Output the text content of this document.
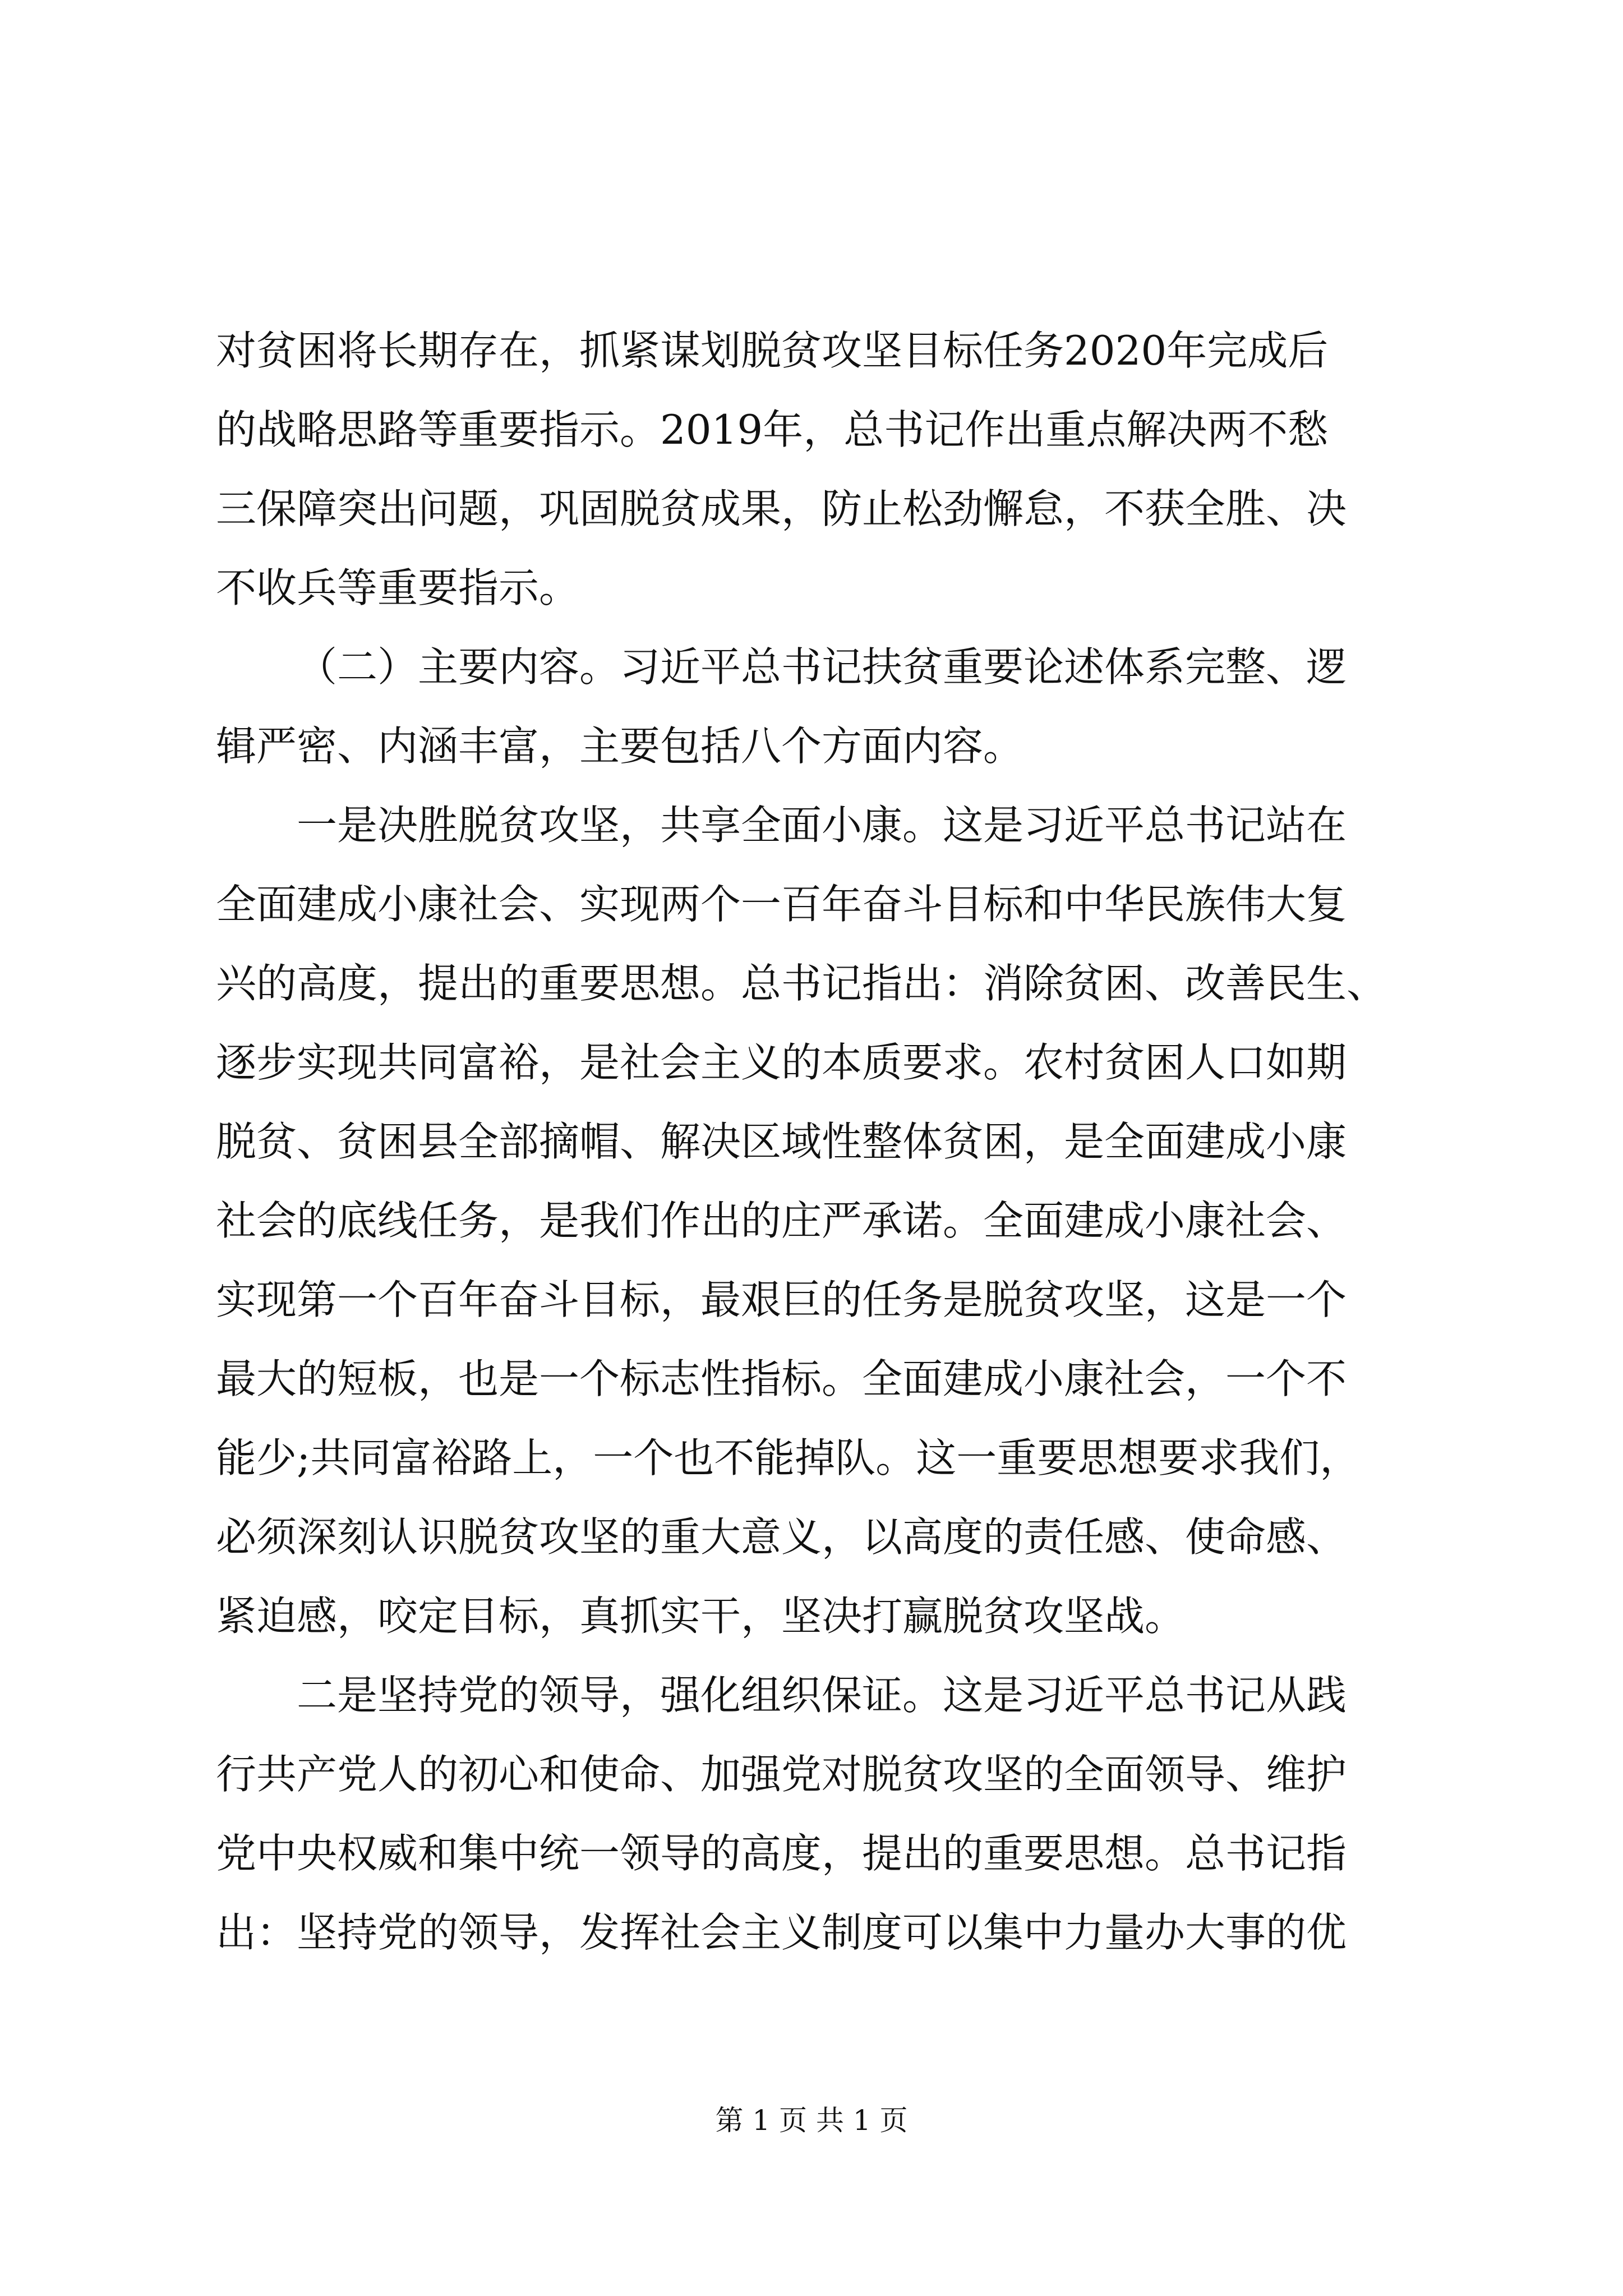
对贫困将长期存在，抓紧谋划脱贫攻坚目标任务2020年完成后
的战略思路等重要指示。2019年，总书记作出重点解决两不愁
三保障突出问题，巩固脱贫成果，防止松劲懈怠，不获全胜、决
不收兵等重要指示。
（二）主要内容。习近平总书记扶贫重要论述体系完整、逻
辑严密、内涵丰富，主要包括八个方面内容。
一是决胜脱贫攻坚，共享全面小康。这是习近平总书记站在
全面建成小康社会、实现两个一百年奋斗目标和中华民族伟大复
兴的高度，提出的重要思想。总书记指出：消除贫困、改善民生、
逐步实现共同富裕，是社会主义的本质要求。农村贫困人口如期
脱贫、贫困县全部摘帽、解决区域性整体贫困，是全面建成小康
社会的底线任务，是我们作出的庄严承诺。全面建成小康社会、
实现第一个百年奋斗目标，最艰巨的任务是脱贫攻坚，这是一个
最大的短板，也是一个标志性指标。全面建成小康社会，一个不
能少;共同富裕路上，一个也不能掉队。这一重要思想要求我们，
必须深刻认识脱贫攻坚的重大意义，以高度的责任感、使命感、
紧迫感，咬定目标，真抓实干，坚决打赢脱贫攻坚战。
二是坚持党的领导，强化组织保证。这是习近平总书记从践
行共产党人的初心和使命、加强党对脱贫攻坚的全面领导、维护
党中央权威和集中统一领导的高度，提出的重要思想。总书记指
出：坚持党的领导，发挥社会主义制度可以集中力量办大事的优
第 1 页 共 1 页
